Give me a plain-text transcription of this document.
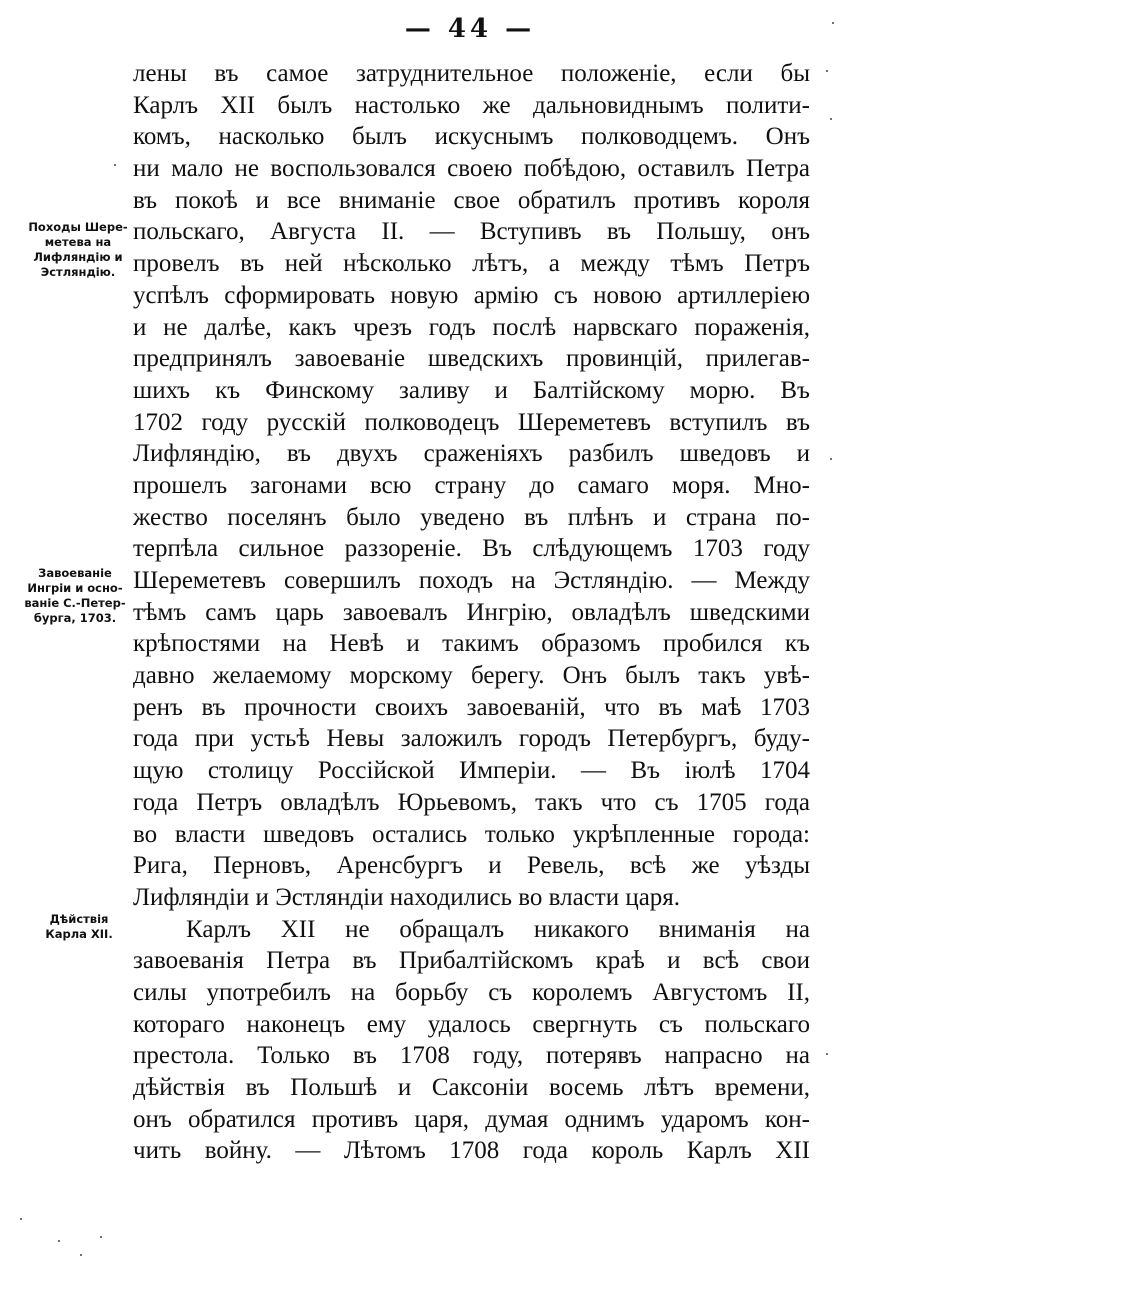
— 44 —
Походы Шере-
метева на
Лифляндію и
Эстляндію.
Завоеваніе
Ингріи и осно-
ваніе С.-Петер-
бурга, 1703.
Дѣйствія
Карла XII.
лены въ самое затруднительное положеніе, если бы
Карлъ XII былъ настолько же дальновиднымъ полити-
комъ, насколько былъ искуснымъ полководцемъ. Онъ
ни мало не воспользовался своею побѣдою, оставилъ Петра
въ покоѣ и все вниманіе свое обратилъ противъ короля
польскаго, Августа II. — Вступивъ въ Польшу, онъ
провелъ въ ней нѣсколько лѣтъ, а между тѣмъ Петръ
успѣлъ сформировать новую армію съ новою артиллеріею
и не далѣе, какъ чрезъ годъ послѣ нарвскаго пораженія,
предпринялъ завоеваніе шведскихъ провинцій, прилегав-
шихъ къ Финскому заливу и Балтійскому морю. Въ
1702 году русскій полководецъ Шереметевъ вступилъ въ
Лифляндію, въ двухъ сраженіяхъ разбилъ шведовъ и
прошелъ загонами всю страну до самаго моря. Мно-
жество поселянъ было уведено въ плѣнъ и страна по-
терпѣла сильное раззореніе. Въ слѣдующемъ 1703 году
Шереметевъ совершилъ походъ на Эстляндію. — Между
тѣмъ самъ царь завоевалъ Ингрію, овладѣлъ шведскими
крѣпостями на Невѣ и такимъ образомъ пробился къ
давно желаемому морскому берегу. Онъ былъ такъ увѣ-
ренъ въ прочности своихъ завоеваній, что въ маѣ 1703
года при устьѣ Невы заложилъ городъ Петербургъ, буду-
щую столицу Россійской Имперіи. — Въ іюлѣ 1704
года Петръ овладѣлъ Юрьевомъ, такъ что съ 1705 года
во власти шведовъ остались только укрѣпленные города:
Рига, Перновъ, Аренсбургъ и Ревель, всѣ же уѣзды
Лифляндіи и Эстляндіи находились во власти царя.
Карлъ XII не обращалъ никакого вниманія на
завоеванія Петра въ Прибалтійскомъ краѣ и всѣ свои
силы употребилъ на борьбу съ королемъ Августомъ II,
котораго наконецъ ему удалось свергнуть съ польскаго
престола. Только въ 1708 году, потерявъ напрасно на
дѣйствія въ Польшѣ и Саксоніи восемь лѣтъ времени,
онъ обратился противъ царя, думая однимъ ударомъ кон-
чить войну. — Лѣтомъ 1708 года король Карлъ XII
